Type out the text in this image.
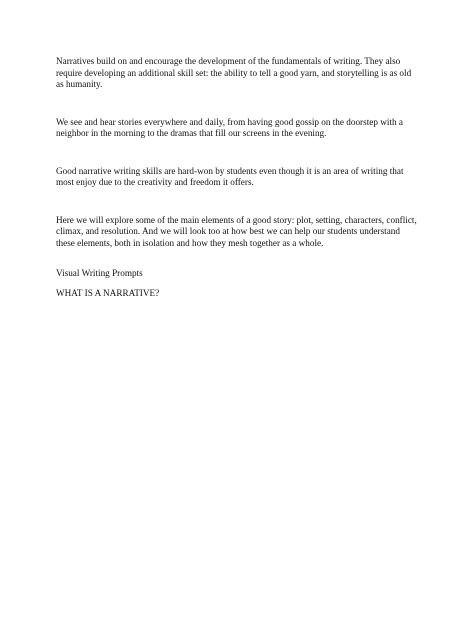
Narratives build on and encourage the development of the fundamentals of writing. They also require developing an additional skill set: the ability to tell a good yarn, and storytelling is as old as humanity.

We see and hear stories everywhere and daily, from having good gossip on the doorstep with a neighbor in the morning to the dramas that fill our screens in the evening.

Good narrative writing skills are hard-won by students even though it is an area of writing that most enjoy due to the creativity and freedom it offers.

Here we will explore some of the main elements of a good story: plot, setting, characters, conflict, climax, and resolution. And we will look too at how best we can help our students understand these elements, both in isolation and how they mesh together as a whole.

Visual Writing Prompts

WHAT IS A NARRATIVE?
